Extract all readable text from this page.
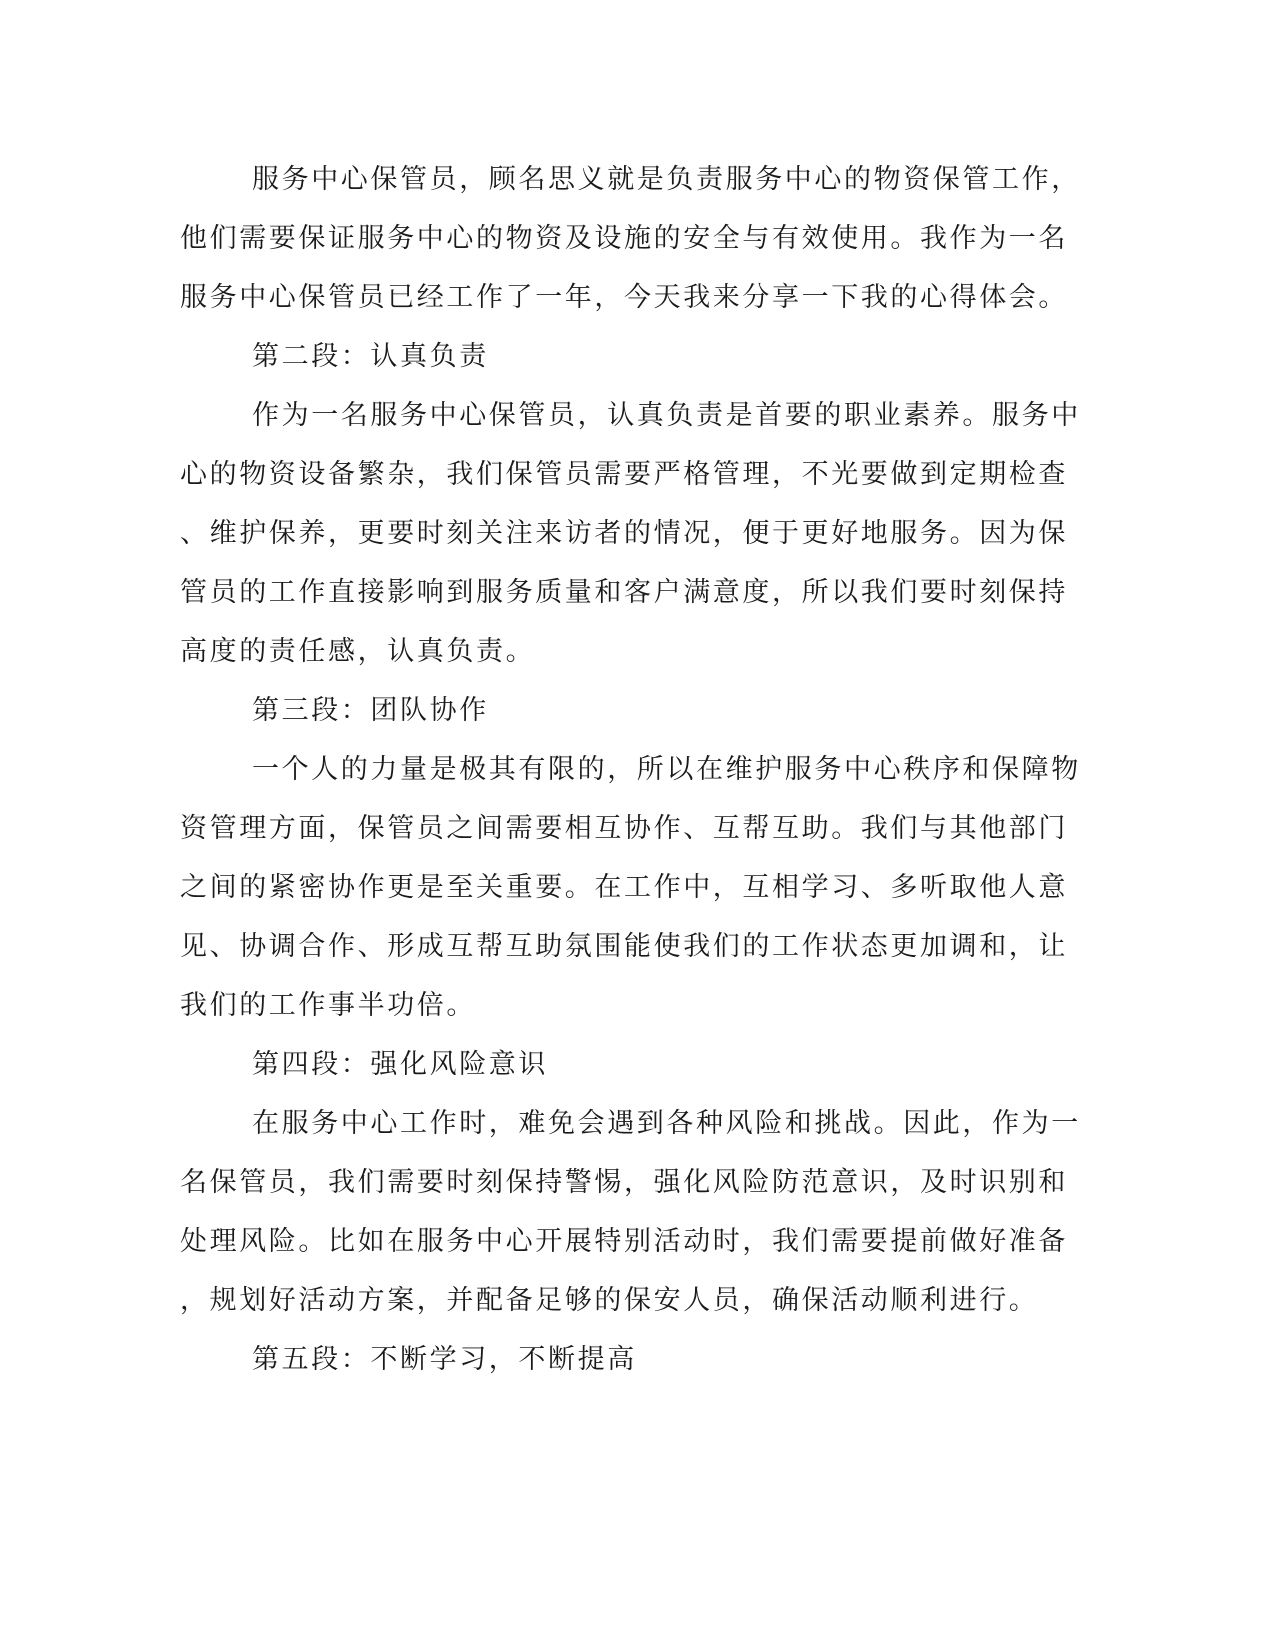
服务中心保管员，顾名思义就是负责服务中心的物资保管工作，
他们需要保证服务中心的物资及设施的安全与有效使用。我作为一名
服务中心保管员已经工作了一年，今天我来分享一下我的心得体会。
第二段：认真负责
作为一名服务中心保管员，认真负责是首要的职业素养。服务中
心的物资设备繁杂，我们保管员需要严格管理，不光要做到定期检查
、维护保养，更要时刻关注来访者的情况，便于更好地服务。因为保
管员的工作直接影响到服务质量和客户满意度，所以我们要时刻保持
高度的责任感，认真负责。
第三段：团队协作
一个人的力量是极其有限的，所以在维护服务中心秩序和保障物
资管理方面，保管员之间需要相互协作、互帮互助。我们与其他部门
之间的紧密协作更是至关重要。在工作中，互相学习、多听取他人意
见、协调合作、形成互帮互助氛围能使我们的工作状态更加调和，让
我们的工作事半功倍。
第四段：强化风险意识
在服务中心工作时，难免会遇到各种风险和挑战。因此，作为一
名保管员，我们需要时刻保持警惕，强化风险防范意识，及时识别和
处理风险。比如在服务中心开展特别活动时，我们需要提前做好准备
，规划好活动方案，并配备足够的保安人员，确保活动顺利进行。
第五段：不断学习，不断提高
